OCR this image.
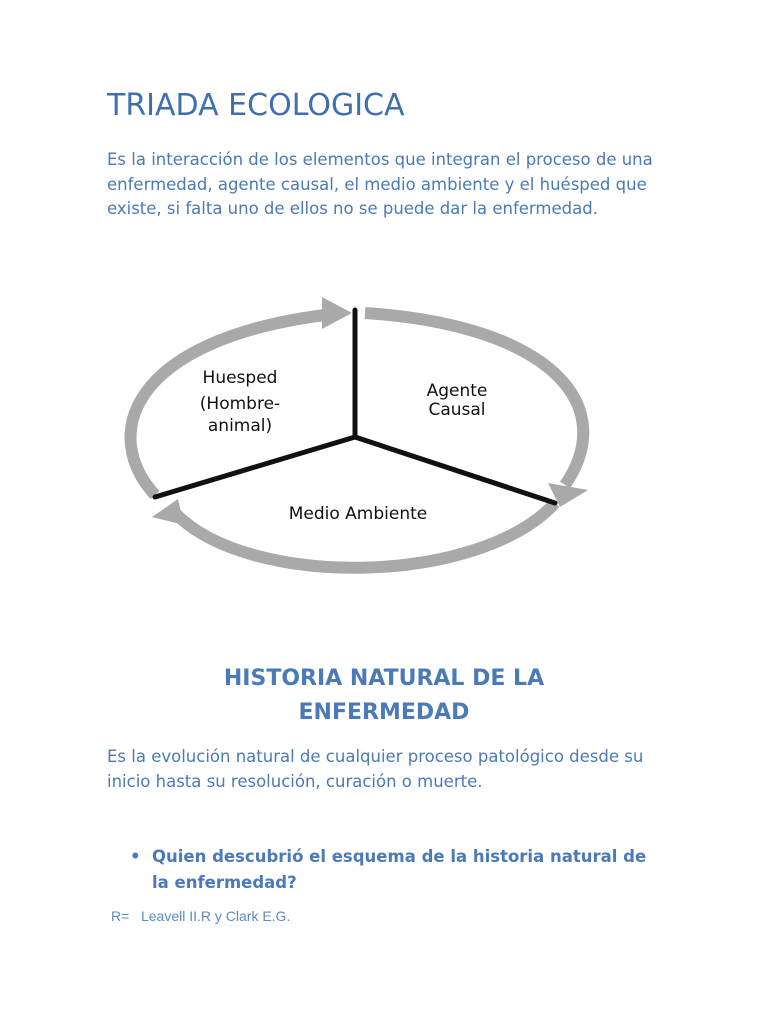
TRIADA ECOLOGICA

Es la interacción de los elementos que integran el proceso de una enfermedad, agente causal, el medio ambiente y el huésped que existe, si falta uno de ellos no se puede dar la enfermedad.

Huesped
(Hombre-
animal)
Agente
Causal
Medio Ambiente
HISTORIA NATURAL DE LA ENFERMEDAD

Es la evolución natural de cualquier proceso patológico desde su inicio hasta su resolución, curación o muerte.

• Quien descubrió el esquema de la historia natural de la enfermedad?

R=   Leavell II.R y Clark E.G.
